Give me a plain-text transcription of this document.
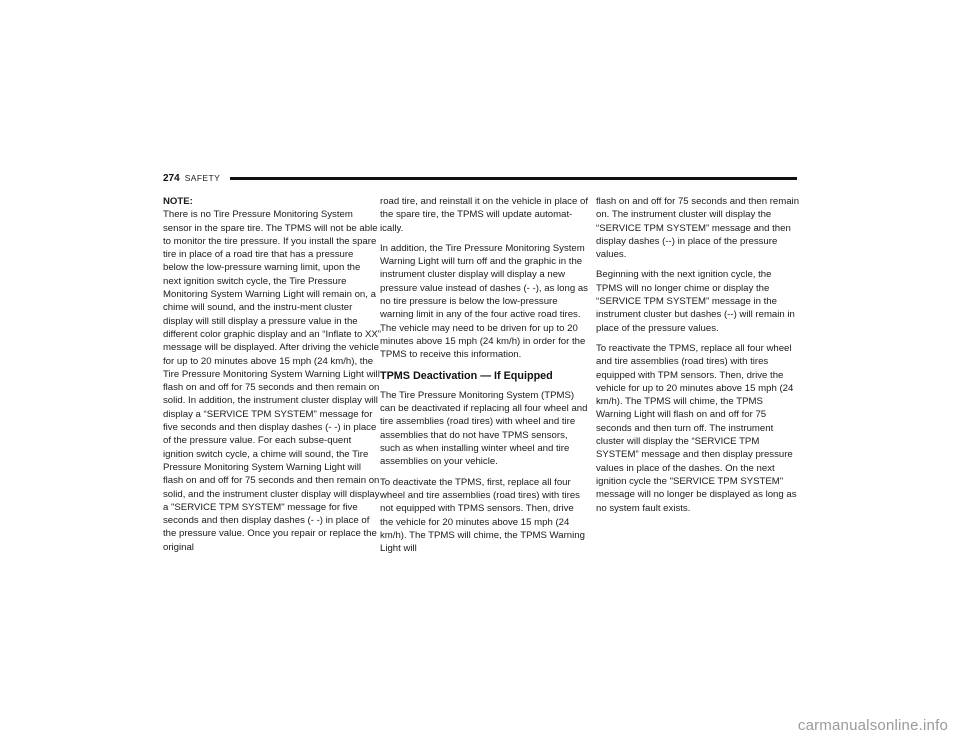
274 SAFETY

NOTE:
There is no Tire Pressure Monitoring System sensor in the spare tire. The TPMS will not be able to monitor the tire pressure. If you install the spare tire in place of a road tire that has a pressure below the low-pressure warning limit, upon the next ignition switch cycle, the Tire Pressure Monitoring System Warning Light will remain on, a chime will sound, and the instru-ment cluster display will still display a pressure value in the different color graphic display and an “Inflate to XX” message will be displayed. After driving the vehicle for up to 20 minutes above 15 mph (24 km/h), the Tire Pressure Monitoring System Warning Light will flash on and off for 75 seconds and then remain on solid. In addition, the instrument cluster display will display a “SERVICE TPM SYSTEM" message for five seconds and then display dashes (- -) in place of the pressure value. For each subse-quent ignition switch cycle, a chime will sound, the Tire Pressure Monitoring System Warning Light will flash on and off for 75 seconds and then remain on solid, and the instrument cluster display will display a "SERVICE TPM SYSTEM" message for five seconds and then display dashes (- -) in place of the pressure value. Once you repair or replace the original

road tire, and reinstall it on the vehicle in place of the spare tire, the TPMS will update automat-ically.

In addition, the Tire Pressure Monitoring System Warning Light will turn off and the graphic in the instrument cluster display will display a new pressure value instead of dashes (- -), as long as no tire pressure is below the low-pressure warning limit in any of the four active road tires. The vehicle may need to be driven for up to 20 minutes above 15 mph (24 km/h) in order for the TPMS to receive this information.

TPMS Deactivation — If Equipped

The Tire Pressure Monitoring System (TPMS) can be deactivated if replacing all four wheel and tire assemblies (road tires) with wheel and tire assemblies that do not have TPMS sensors, such as when installing winter wheel and tire assemblies on your vehicle.

To deactivate the TPMS, first, replace all four wheel and tire assemblies (road tires) with tires not equipped with TPMS sensors. Then, drive the vehicle for 20 minutes above 15 mph (24 km/h). The TPMS will chime, the TPMS Warning Light will

flash on and off for 75 seconds and then remain on. The instrument cluster will display the “SERVICE TPM SYSTEM” message and then display dashes (--) in place of the pressure values.

Beginning with the next ignition cycle, the TPMS will no longer chime or display the “SERVICE TPM SYSTEM” message in the instrument cluster but dashes (--) will remain in place of the pressure values.

To reactivate the TPMS, replace all four wheel and tire assemblies (road tires) with tires equipped with TPM sensors. Then, drive the vehicle for up to 20 minutes above 15 mph (24 km/h). The TPMS will chime, the TPMS Warning Light will flash on and off for 75 seconds and then turn off. The instrument cluster will display the “SERVICE TPM SYSTEM” message and then display pressure values in place of the dashes. On the next ignition cycle the "SERVICE TPM SYSTEM" message will no longer be displayed as long as no system fault exists.

carmanualsonline.info
